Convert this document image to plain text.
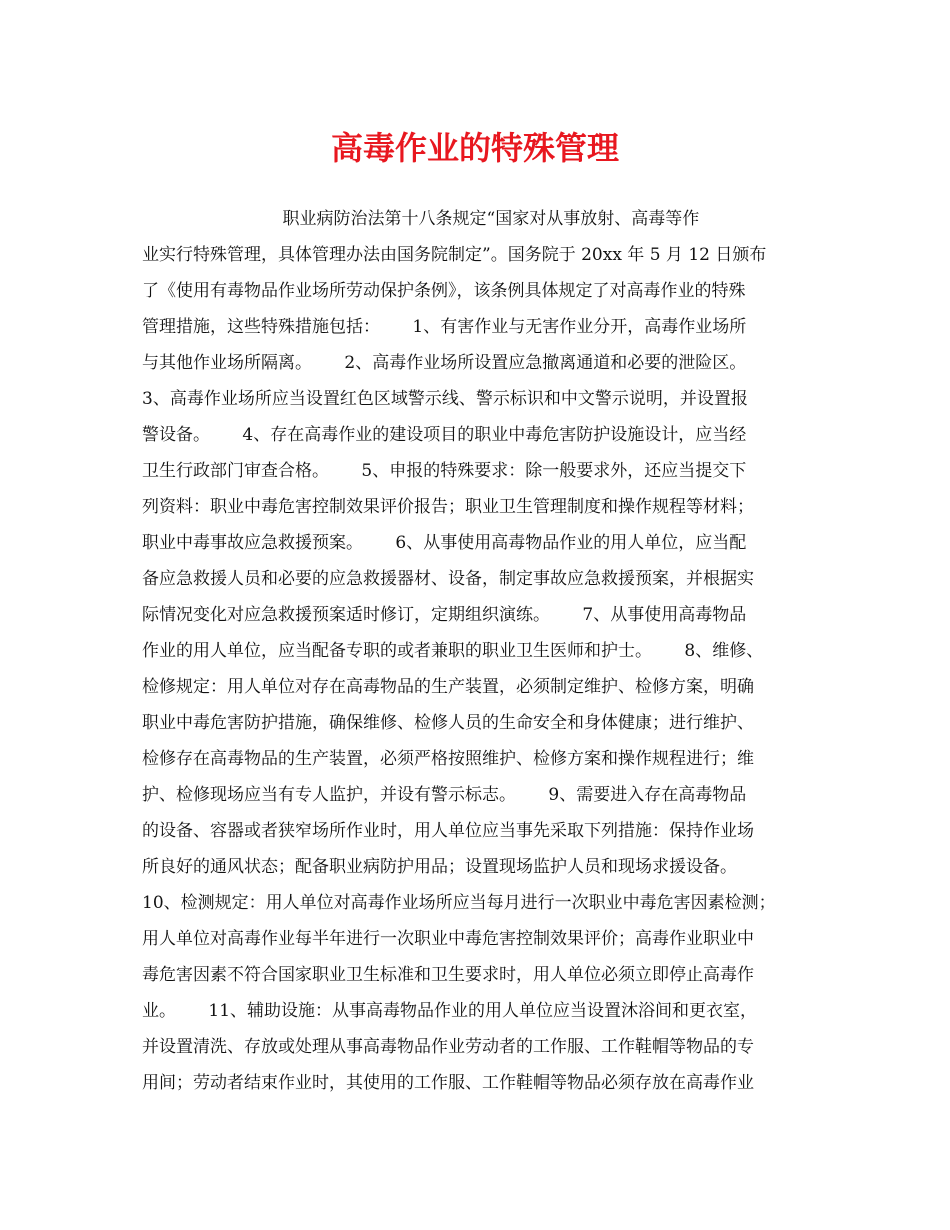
高毒作业的特殊管理
职业病防治法第十八条规定“国家对从事放射、高毒等作
业实行特殊管理，具体管理办法由国务院制定”。国务院于 20xx 年 5 月 12 日颁布
了《使用有毒物品作业场所劳动保护条例》，该条例具体规定了对高毒作业的特殊
管理措施，这些特殊措施包括：      1、有害作业与无害作业分开，高毒作业场所
与其他作业场所隔离。      2、高毒作业场所设置应急撤离通道和必要的泄险区。
3、高毒作业场所应当设置红色区域警示线、警示标识和中文警示说明，并设置报
警设备。      4、存在高毒作业的建设项目的职业中毒危害防护设施设计，应当经
卫生行政部门审查合格。      5、申报的特殊要求：除一般要求外，还应当提交下
列资料：职业中毒危害控制效果评价报告；职业卫生管理制度和操作规程等材料；
职业中毒事故应急救援预案。      6、从事使用高毒物品作业的用人单位，应当配
备应急救援人员和必要的应急救援器材、设备，制定事故应急救援预案，并根据实
际情况变化对应急救援预案适时修订，定期组织演练。      7、从事使用高毒物品
作业的用人单位，应当配备专职的或者兼职的职业卫生医师和护士。      8、维修、
检修规定：用人单位对存在高毒物品的生产装置，必须制定维护、检修方案，明确
职业中毒危害防护措施，确保维修、检修人员的生命安全和身体健康；进行维护、
检修存在高毒物品的生产装置，必须严格按照维护、检修方案和操作规程进行；维
护、检修现场应当有专人监护，并设有警示标志。      9、需要进入存在高毒物品
的设备、容器或者狭窄场所作业时，用人单位应当事先采取下列措施：保持作业场
所良好的通风状态；配备职业病防护用品；设置现场监护人员和现场求援设备。
10、检测规定：用人单位对高毒作业场所应当每月进行一次职业中毒危害因素检测；
用人单位对高毒作业每半年进行一次职业中毒危害控制效果评价；高毒作业职业中
毒危害因素不符合国家职业卫生标准和卫生要求时，用人单位必须立即停止高毒作
业。      11、辅助设施：从事高毒物品作业的用人单位应当设置沐浴间和更衣室，
并设置清洗、存放或处理从事高毒物品作业劳动者的工作服、工作鞋帽等物品的专
用间；劳动者结束作业时，其使用的工作服、工作鞋帽等物品必须存放在高毒作业
